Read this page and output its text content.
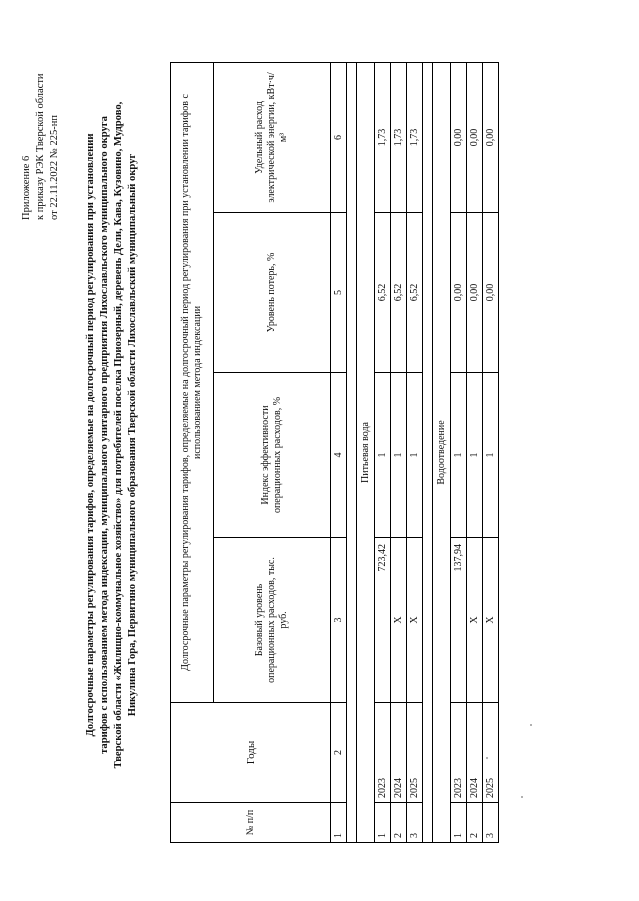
Приложение 6 к приказу РЭК Тверской области от 22.11.2022 № 225-нп Долгосрочные параметры регулирования тарифов, определяемые на долгосрочный период регулирования при установлении тарифов с использованием метода индексации, муниципального унитарного предприятия Лихославльского муниципального округа Тверской области «Жилищно-коммунальное хозяйство» для потребителей поселка Приозерный, деревень Дели, Кава, Кузовино, Мудрово, Никулина Гора, Первитино муниципального образования Тверской области Лихославльский муниципальный округ
№ п/п	Годы	Долгосрочные параметры регулирования тарифов, определяемые на долгосрочный период регулирования при установлении тарифов с использованием метода индексации			
		Базовый уровень операционных расходов, тыс. руб.	Индекс эффективности операционных расходов, %	Уровень потерь, %	Удельный расход электрической энергии, кВт·ч/м³
1	2	3	4	5	6

Питьевая вода					
1	2023	723,42	1	6,52	1,73
2	2024	X	1	6,52	1,73
3	2025	X	1	6,52	1,73

Водоотведение					
1	2023	137,94	1	0,00	0,00
2	2024	X	1	0,00	0,00
3	2025	X	1	0,00	0,00
